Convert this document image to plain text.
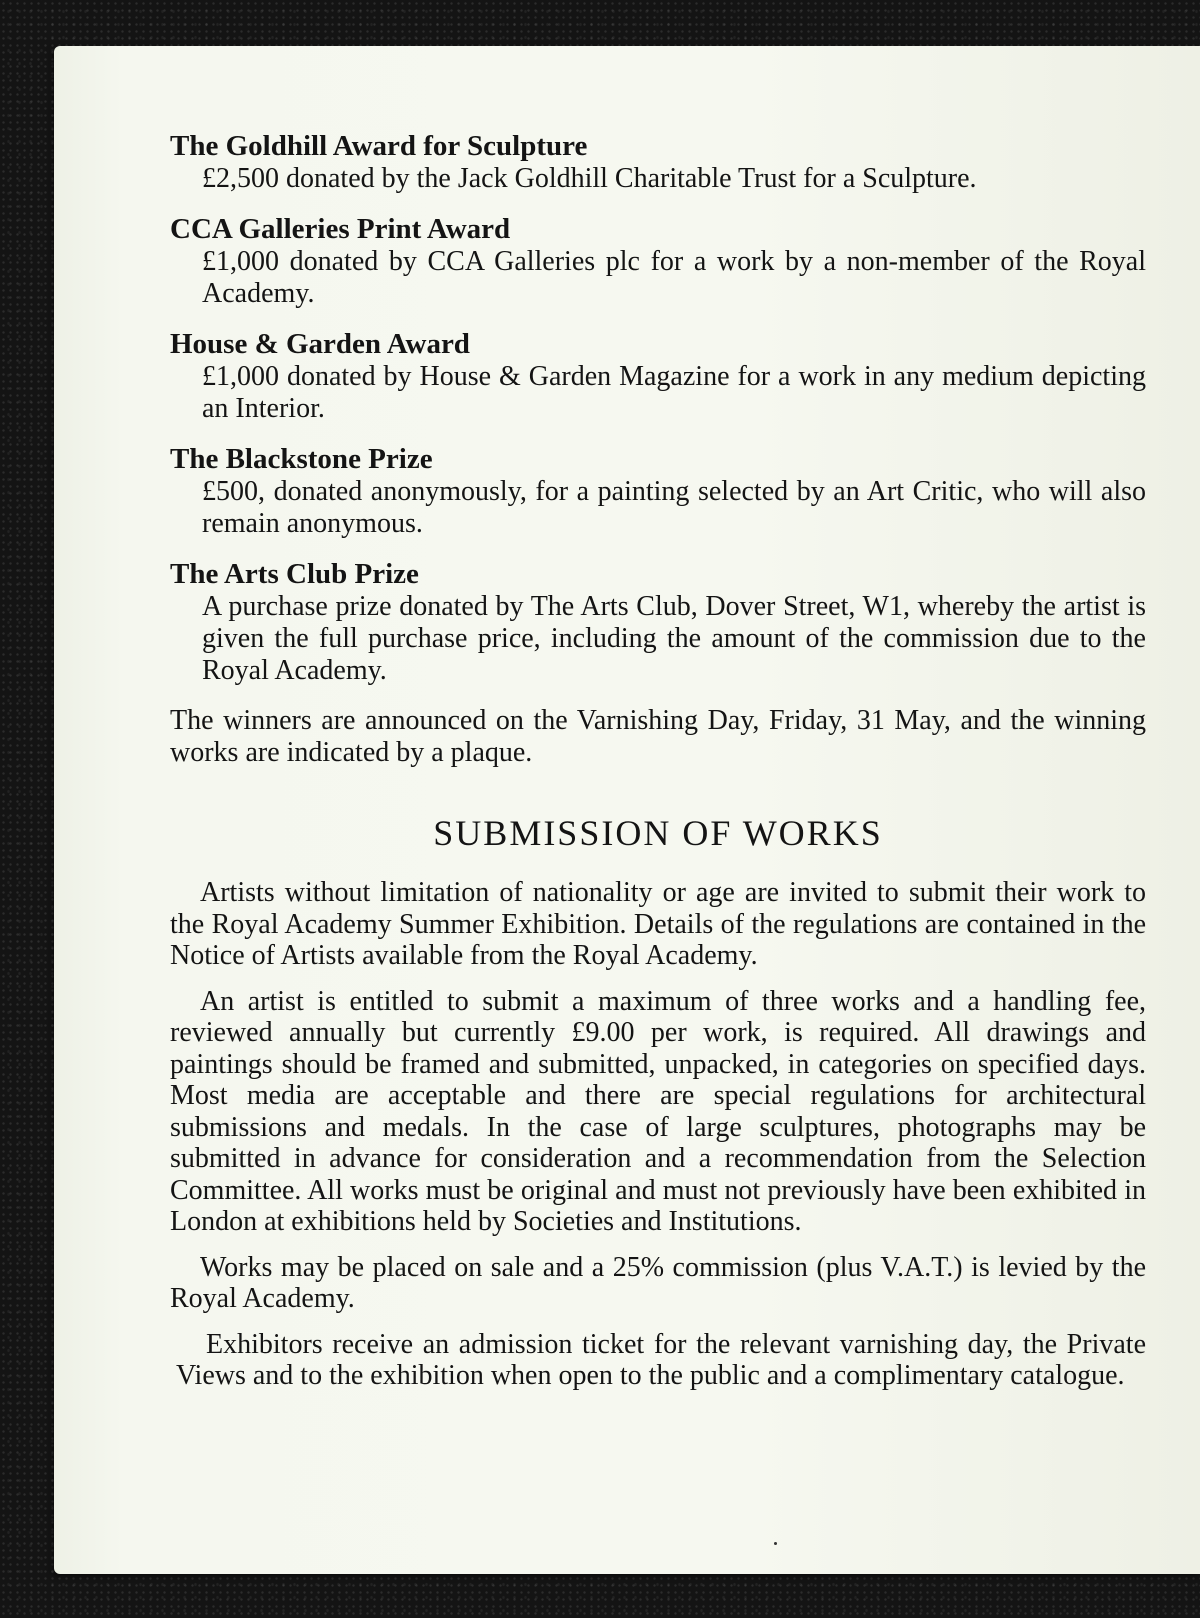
The Goldhill Award for Sculpture
£2,500 donated by the Jack Goldhill Charitable Trust for a Sculpture.
CCA Galleries Print Award
£1,000 donated by CCA Galleries plc for a work by a non-member of the Royal Academy.
House & Garden Award
£1,000 donated by House & Garden Magazine for a work in any medium depicting an Interior.
The Blackstone Prize
£500, donated anonymously, for a painting selected by an Art Critic, who will also remain anonymous.
The Arts Club Prize
A purchase prize donated by The Arts Club, Dover Street, W1, whereby the artist is given the full purchase price, including the amount of the commission due to the Royal Academy.

The winners are announced on the Varnishing Day, Friday, 31 May, and the winning works are indicated by a plaque.

SUBMISSION OF WORKS

Artists without limitation of nationality or age are invited to submit their work to the Royal Academy Summer Exhibition. Details of the regulations are contained in the Notice of Artists available from the Royal Academy.

An artist is entitled to submit a maximum of three works and a handling fee, reviewed annually but currently £9.00 per work, is required. All drawings and paintings should be framed and submitted, unpacked, in categories on specified days. Most media are acceptable and there are special regulations for architectural submissions and medals. In the case of large sculptures, photographs may be submitted in advance for consideration and a recommendation from the Selection Committee. All works must be original and must not previously have been exhibited in London at exhibitions held by Societies and Institutions.

Works may be placed on sale and a 25% commission (plus V.A.T.) is levied by the Royal Academy.

Exhibitors receive an admission ticket for the relevant varnishing day, the Private Views and to the exhibition when open to the public and a complimentary catalogue.
